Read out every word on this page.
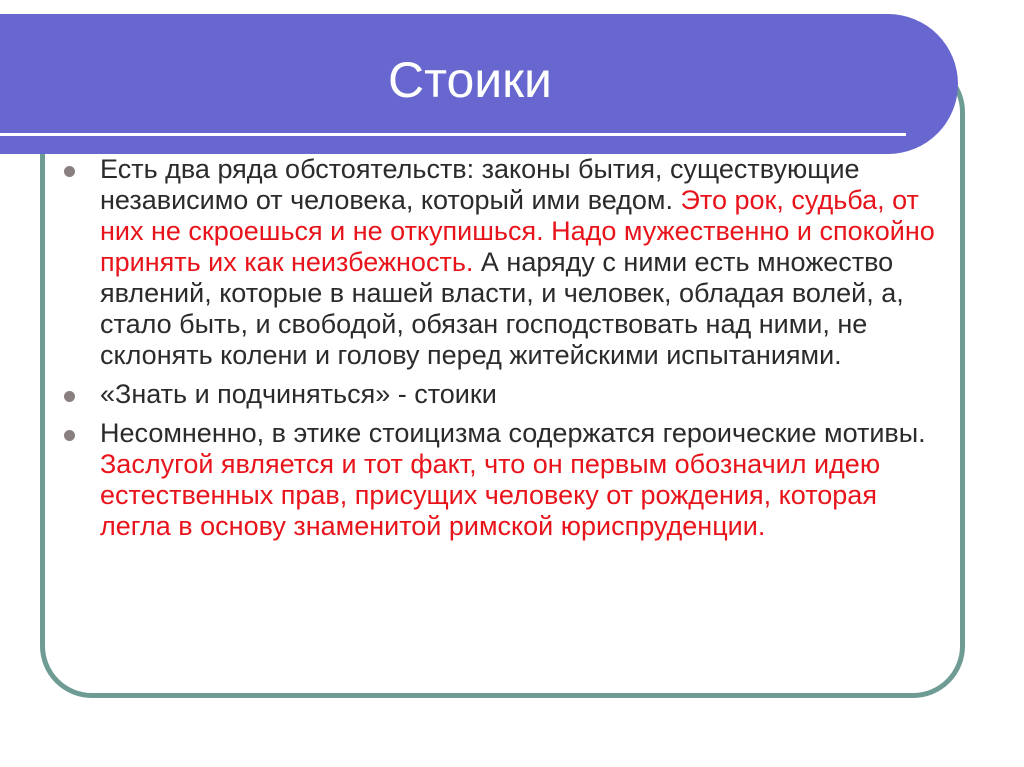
Стоики
Есть два ряда обстоятельств: законы бытия, существующие независимо от человека, который ими ведом. Это рок, судьба, от них не скроешься и не откупишься. Надо мужественно и спокойно принять их как неизбежность. А наряду с ними есть множество явлений, которые в нашей власти, и человек, обладая волей, а, стало быть, и свободой, обязан господствовать над ними, не склонять колени и голову перед житейскими испытаниями.
«Знать и подчиняться» - стоики
Несомненно, в этике стоицизма содержатся героические мотивы. Заслугой является и тот факт, что он первым обозначил идею естественных прав, присущих человеку от рождения, которая легла в основу знаменитой римской юриспруденции.
